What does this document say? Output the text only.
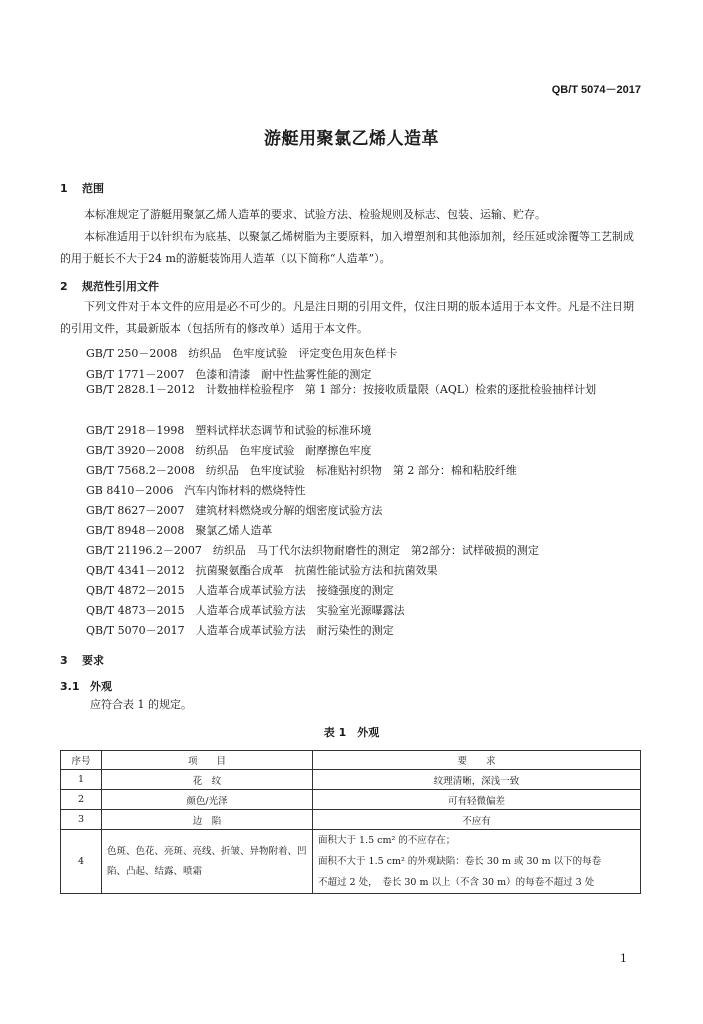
QB/T 5074－2017
游艇用聚氯乙烯人造革
1 范围

本标准规定了游艇用聚氯乙烯人造革的要求、试验方法、检验规则及标志、包装、运输、贮存。

本标准适用于以针织布为底基、以聚氯乙烯树脂为主要原料，加入增塑剂和其他添加剂，经压延或涂覆等工艺制成的用于艇长不大于24 m的游艇装饰用人造革（以下简称“人造革”）。

2 规范性引用文件

下列文件对于本文件的应用是必不可少的。凡是注日期的引用文件，仅注日期的版本适用于本文件。凡是不注日期的引用文件，其最新版本（包括所有的修改单）适用于本文件。

GB/T 250－2008　纺织品　色牢度试验　评定变色用灰色样卡
GB/T 1771－2007　色漆和清漆　耐中性盐雾性能的测定

GB/T 2828.1－2012　计数抽样检验程序　第 1 部分：按接收质量限（AQL）检索的逐批检验抽样计划

GB/T 2918－1998　塑料试样状态调节和试验的标准环境
GB/T 3920－2008　纺织品　色牢度试验　耐摩擦色牢度
GB/T 7568.2－2008　纺织品　色牢度试验　标准贴衬织物　第 2 部分：棉和粘胶纤维
GB 8410－2006　汽车内饰材料的燃烧特性
GB/T 8627－2007　建筑材料燃烧或分解的烟密度试验方法
GB/T 8948－2008　聚氯乙烯人造革
GB/T 21196.2－2007　纺织品　马丁代尔法织物耐磨性的测定　第2部分：试样破损的测定
QB/T 4341－2012　抗菌聚氨酯合成革　抗菌性能试验方法和抗菌效果
QB/T 4872－2015　人造革合成革试验方法　接缝强度的测定
QB/T 4873－2015　人造革合成革试验方法　实验室光源曝露法
QB/T 5070－2017　人造革合成革试验方法　耐污染性的测定
3 要求
3.1 外观
应符合表 1 的规定。
表 1　外观
序号	项　　目	要　　求
1	花　纹	纹理清晰，深浅一致
2	颜色/光泽	可有轻微偏差
3	边　陷	不应有
4	色斑、色花、亮斑、亮线、折皱、异物附着、凹陷、凸起、结露、喷霜	面积大于 1.5 cm² 的不应存在；
面积不大于 1.5 cm² 的外观缺陷：卷长 30 m 或 30 m 以下的每卷
不超过 2 处，　卷长 30 m 以上（不含 30 m）的每卷不超过 3 处
1
